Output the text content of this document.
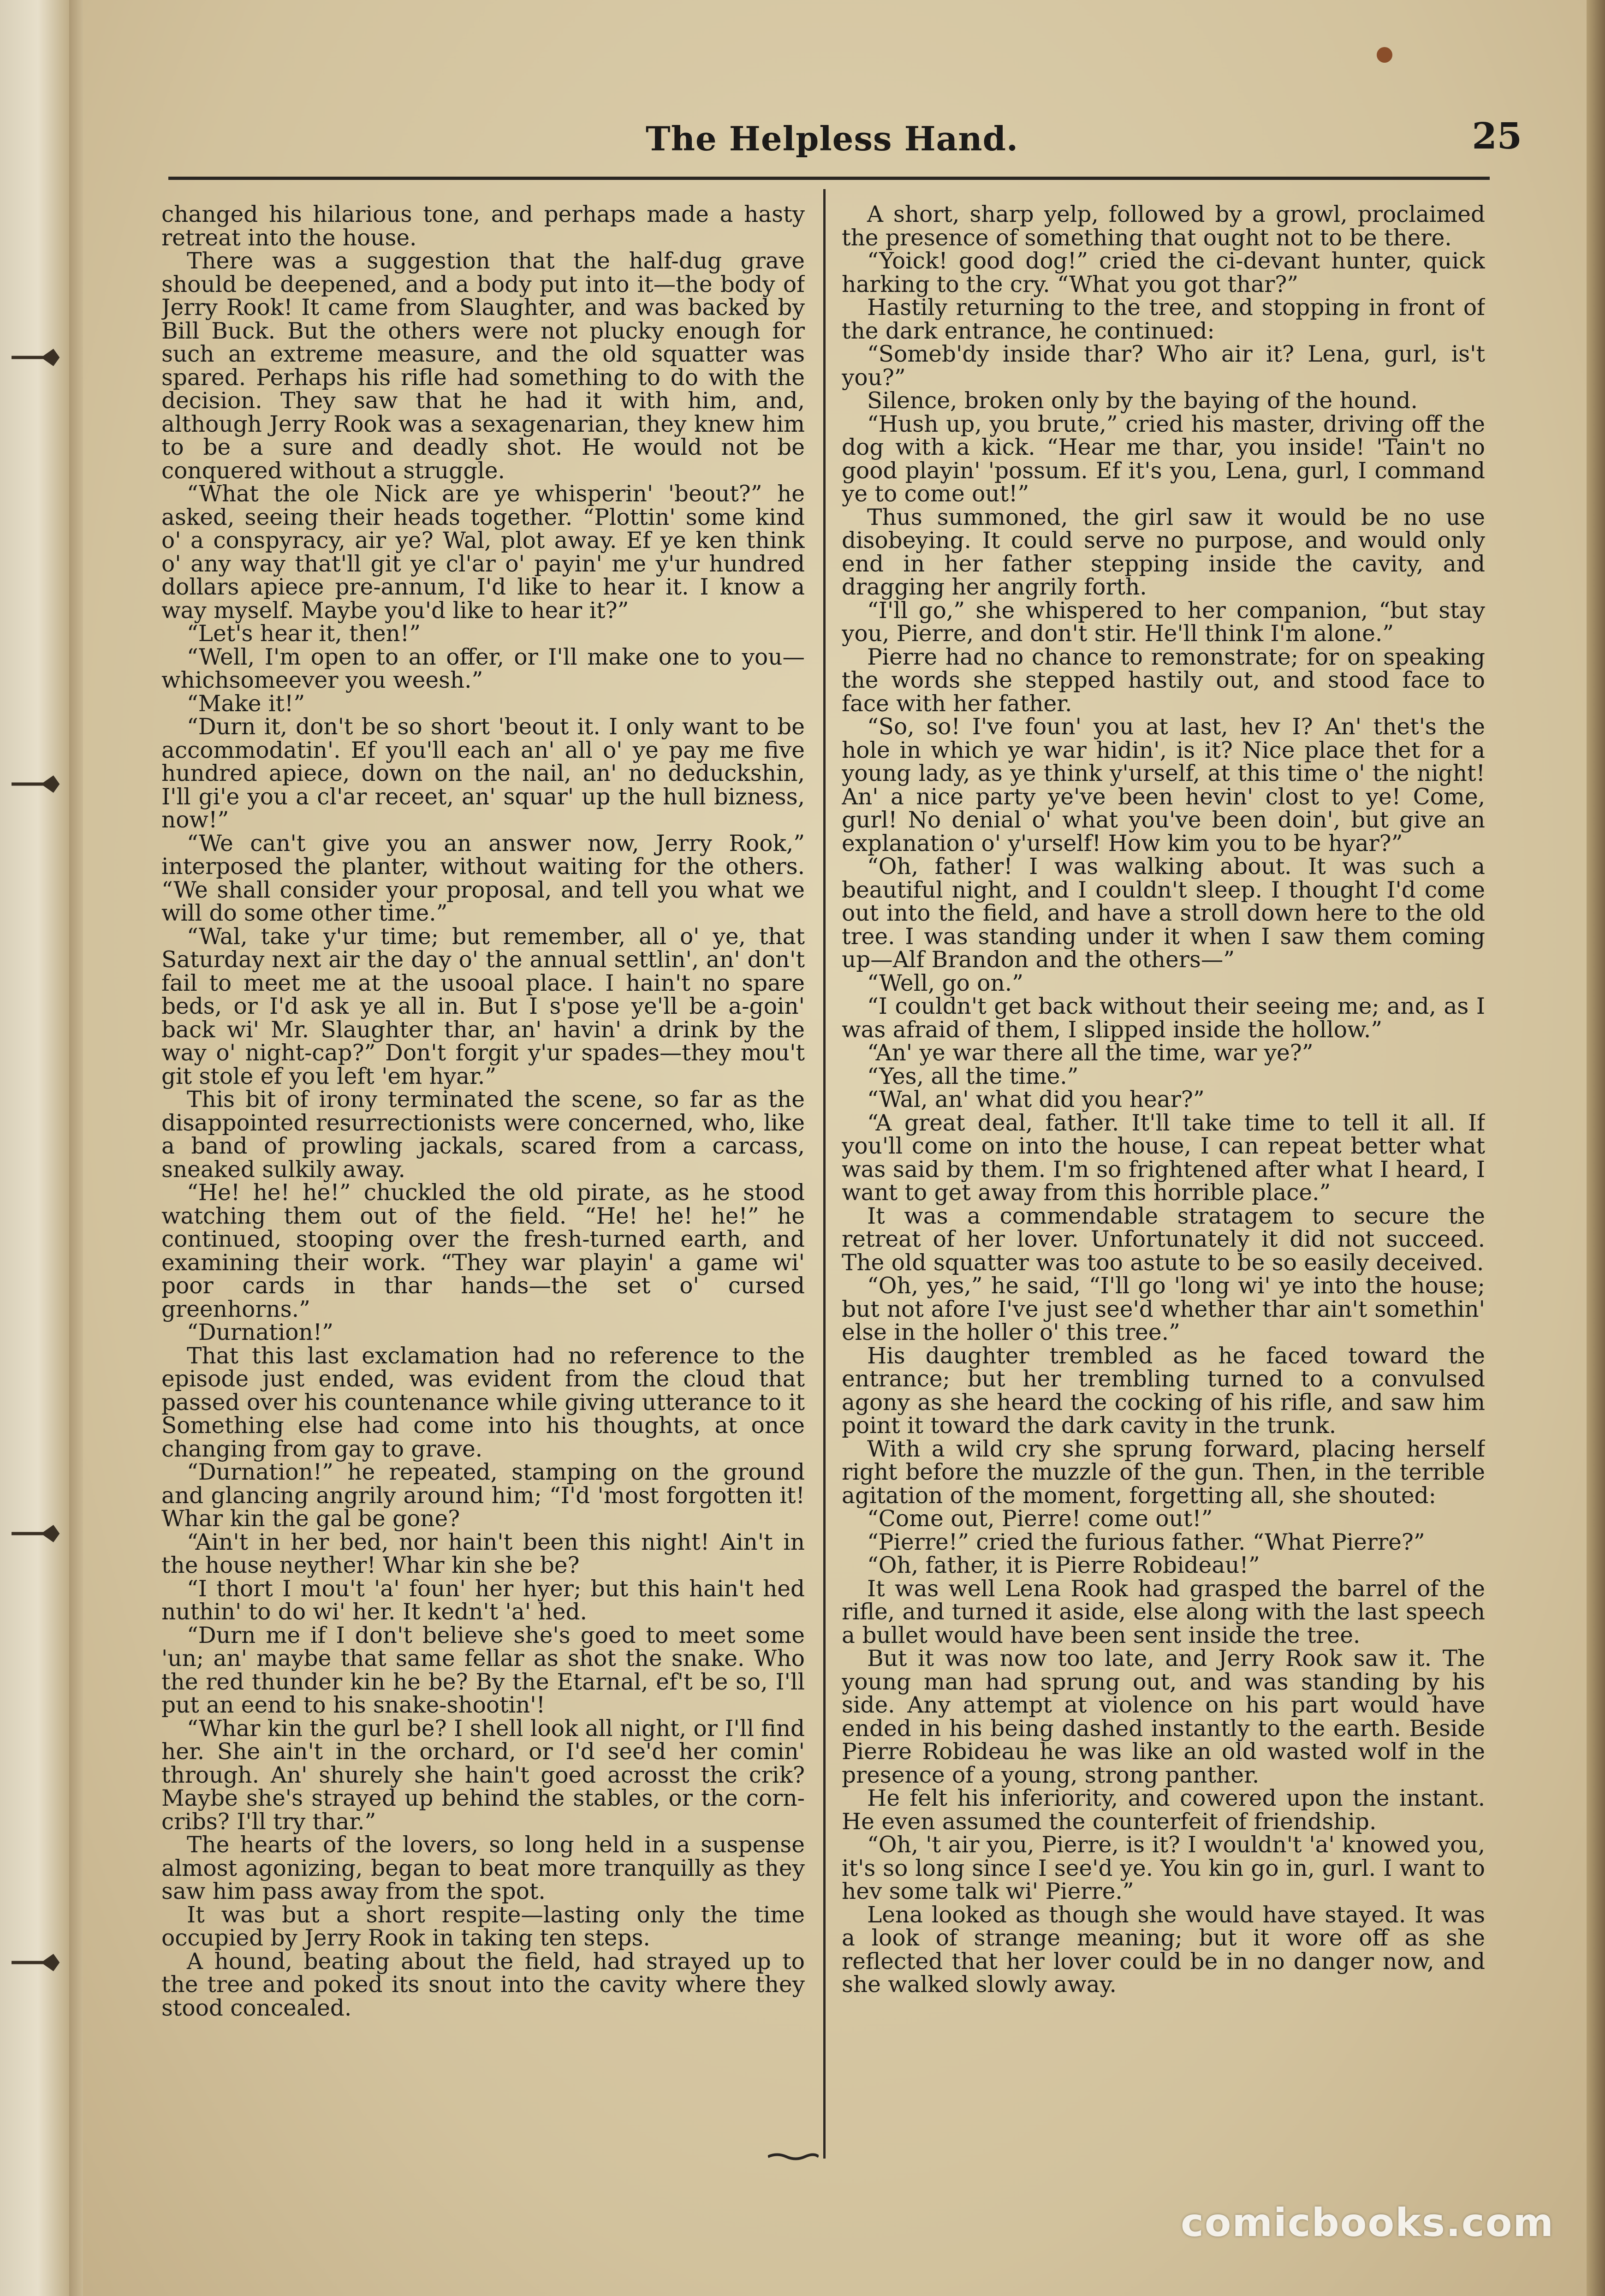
The Helpless Hand.	25

changed his hilarious tone, and perhaps made a hasty retreat into the house.

There was a suggestion that the half-dug grave should be deepened, and a body put into it—the body of Jerry Rook! It came from Slaughter, and was backed by Bill Buck. But the others were not plucky enough for such an extreme measure, and the old squatter was spared. Perhaps his rifle had something to do with the decision. They saw that he had it with him, and, although Jerry Rook was a sexagenarian, they knew him to be a sure and deadly shot. He would not be conquered without a struggle.

“What the ole Nick are ye whisperin' 'beout?” he asked, seeing their heads together. “Plottin' some kind o' a conspyracy, air ye? Wal, plot away. Ef ye ken think o' any way that'll git ye cl'ar o' payin' me y'ur hundred dollars apiece pre-annum, I'd like to hear it. I know a way myself. Maybe you'd like to hear it?”

“Let's hear it, then!”

“Well, I'm open to an offer, or I'll make one to you—whichsomeever you weesh.”

“Make it!”

“Durn it, don't be so short 'beout it. I only want to be accommodatin'. Ef you'll each an' all o' ye pay me five hundred apiece, down on the nail, an' no deduckshin, I'll gi'e you a cl'ar receet, an' squar' up the hull bizness, now!”

“We can't give you an answer now, Jerry Rook,” interposed the planter, without waiting for the others. “We shall consider your proposal, and tell you what we will do some other time.”

“Wal, take y'ur time; but remember, all o' ye, that Saturday next air the day o' the annual settlin', an' don't fail to meet me at the usooal place. I hain't no spare beds, or I'd ask ye all in. But I s'pose ye'll be a-goin' back wi' Mr. Slaughter thar, an' havin' a drink by the way o' night-cap?” Don't forgit y'ur spades—they mou't git stole ef you left 'em hyar.”

This bit of irony terminated the scene, so far as the disappointed resurrectionists were concerned, who, like a band of prowling jackals, scared from a carcass, sneaked sulkily away.

“He! he! he!” chuckled the old pirate, as he stood watching them out of the field. “He! he! he!” he continued, stooping over the fresh-turned earth, and examining their work. “They war playin' a game wi' poor cards in thar hands—the set o' cursed greenhorns.”

“Durnation!”

That this last exclamation had no reference to the episode just ended, was evident from the cloud that passed over his countenance while giving utterance to it Something else had come into his thoughts, at once changing from gay to grave.

“Durnation!” he repeated, stamping on the ground and glancing angrily around him; “I'd 'most forgotten it! Whar kin the gal be gone?

“Ain't in her bed, nor hain't been this night! Ain't in the house neyther! Whar kin she be?

“I thort I mou't 'a' foun' her hyer; but this hain't hed nuthin' to do wi' her. It kedn't 'a' hed.

“Durn me if I don't believe she's goed to meet some 'un; an' maybe that same fellar as shot the snake. Who the red thunder kin he be? By the Etarnal, ef't be so, I'll put an eend to his snake-shootin'!

“Whar kin the gurl be? I shell look all night, or I'll find her. She ain't in the orchard, or I'd see'd her comin' through. An' shurely she hain't goed acrosst the crik? Maybe she's strayed up behind the stables, or the corn-cribs? I'll try thar.”

The hearts of the lovers, so long held in a suspense almost agonizing, began to beat more tranquilly as they saw him pass away from the spot.

It was but a short respite—lasting only the time occupied by Jerry Rook in taking ten steps.

A hound, beating about the field, had strayed up to the tree and poked its snout into the cavity where they stood concealed.

A short, sharp yelp, followed by a growl, proclaimed the presence of something that ought not to be there.

“Yoick! good dog!” cried the ci-devant hunter, quick harking to the cry. “What you got thar?”

Hastily returning to the tree, and stopping in front of the dark entrance, he continued:

“Someb'dy inside thar? Who air it? Lena, gurl, is't you?”

Silence, broken only by the baying of the hound.

“Hush up, you brute,” cried his master, driving off the dog with a kick. “Hear me thar, you inside! 'Tain't no good playin' 'possum. Ef it's you, Lena, gurl, I command ye to come out!”

Thus summoned, the girl saw it would be no use disobeying. It could serve no purpose, and would only end in her father stepping inside the cavity, and dragging her angrily forth.

“I'll go,” she whispered to her companion, “but stay you, Pierre, and don't stir. He'll think I'm alone.”

Pierre had no chance to remonstrate; for on speaking the words she stepped hastily out, and stood face to face with her father.

“So, so! I've foun' you at last, hev I? An' thet's the hole in which ye war hidin', is it? Nice place thet for a young lady, as ye think y'urself, at this time o' the night! An' a nice party ye've been hevin' clost to ye! Come, gurl! No denial o' what you've been doin', but give an explanation o' y'urself! How kim you to be hyar?”

“Oh, father! I was walking about. It was such a beautiful night, and I couldn't sleep. I thought I'd come out into the field, and have a stroll down here to the old tree. I was standing under it when I saw them coming up—Alf Brandon and the others—”

“Well, go on.”

“I couldn't get back without their seeing me; and, as I was afraid of them, I slipped inside the hollow.”

“An' ye war there all the time, war ye?”

“Yes, all the time.”

“Wal, an' what did you hear?”

“A great deal, father. It'll take time to tell it all. If you'll come on into the house, I can repeat better what was said by them. I'm so frightened after what I heard, I want to get away from this horrible place.”

It was a commendable stratagem to secure the retreat of her lover. Unfortunately it did not succeed. The old squatter was too astute to be so easily deceived.

“Oh, yes,” he said, “I'll go 'long wi' ye into the house; but not afore I've just see'd whether thar ain't somethin' else in the holler o' this tree.”

His daughter trembled as he faced toward the entrance; but her trembling turned to a convulsed agony as she heard the cocking of his rifle, and saw him point it toward the dark cavity in the trunk.

With a wild cry she sprung forward, placing herself right before the muzzle of the gun. Then, in the terrible agitation of the moment, forgetting all, she shouted:

“Come out, Pierre! come out!”

“Pierre!” cried the furious father. “What Pierre?”

“Oh, father, it is Pierre Robideau!”

It was well Lena Rook had grasped the barrel of the rifle, and turned it aside, else along with the last speech a bullet would have been sent inside the tree.

But it was now too late, and Jerry Rook saw it. The young man had sprung out, and was standing by his side. Any attempt at violence on his part would have ended in his being dashed instantly to the earth. Beside Pierre Robideau he was like an old wasted wolf in the presence of a young, strong panther.

He felt his inferiority, and cowered upon the instant. He even assumed the counterfeit of friendship.

“Oh, 't air you, Pierre, is it? I wouldn't 'a' knowed you, it's so long since I see'd ye. You kin go in, gurl. I want to hev some talk wi' Pierre.”

Lena looked as though she would have stayed. It was a look of strange meaning; but it wore off as she reflected that her lover could be in no danger now, and she walked slowly away.

comicbooks.com
